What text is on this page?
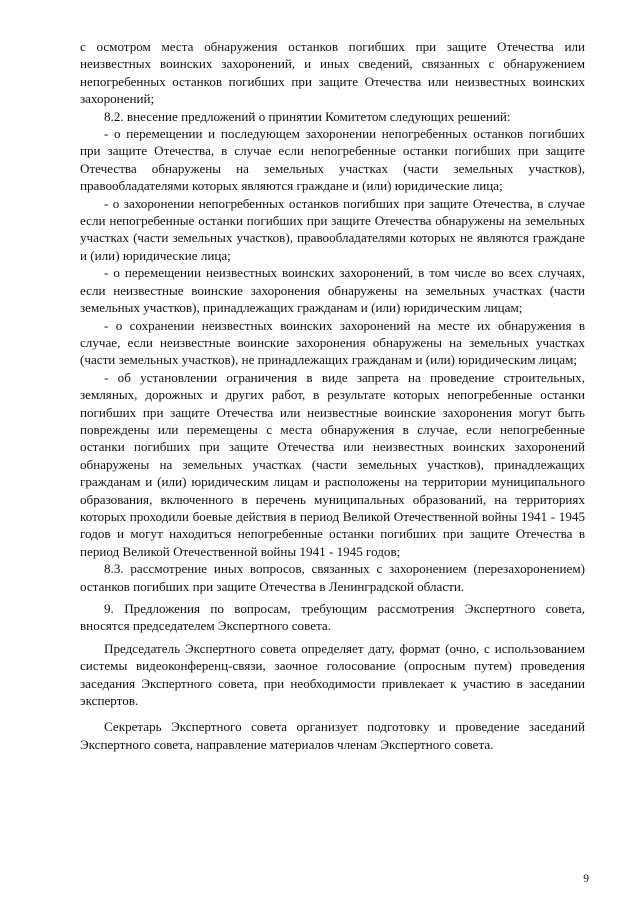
с осмотром места обнаружения останков погибших при защите Отечества или неизвестных воинских захоронений, и иных сведений, связанных с обнаружением непогребенных останков погибших при защите Отечества или неизвестных воинских захоронений;

8.2. внесение предложений о принятии Комитетом следующих решений:

- о перемещении и последующем захоронении непогребенных останков погибших при защите Отечества, в случае если непогребенные останки погибших при защите Отечества обнаружены на земельных участках (части земельных участков), правообладателями которых являются граждане и (или) юридические лица;

- о захоронении непогребенных останков погибших при защите Отечества, в случае если непогребенные останки погибших при защите Отечества обнаружены на земельных участках (части земельных участков), правообладателями которых не являются граждане и (или) юридические лица;

- о перемещении неизвестных воинских захоронений, в том числе во всех случаях, если неизвестные воинские захоронения обнаружены на земельных участках (части земельных участков), принадлежащих гражданам и (или) юридическим лицам;

- о сохранении неизвестных воинских захоронений на месте их обнаружения в случае, если неизвестные воинские захоронения обнаружены на земельных участках (части земельных участков), не принадлежащих гражданам и (или) юридическим лицам;

- об установлении ограничения в виде запрета на проведение строительных, земляных, дорожных и других работ, в результате которых непогребенные останки погибших при защите Отечества или неизвестные воинские захоронения могут быть повреждены или перемещены с места обнаружения в случае, если непогребенные останки погибших при защите Отечества или неизвестных воинских захоронений обнаружены на земельных участках (части земельных участков), принадлежащих гражданам и (или) юридическим лицам и расположены на территории муниципального образования, включенного в перечень муниципальных образований, на территориях которых проходили боевые действия в период Великой Отечественной войны 1941 - 1945 годов и могут находиться непогребенные останки погибших при защите Отечества в период Великой Отечественной войны 1941 - 1945 годов;

8.3. рассмотрение иных вопросов, связанных с захоронением (перезахоронением) останков погибших при защите Отечества в Ленинградской области.

9. Предложения по вопросам, требующим рассмотрения Экспертного совета, вносятся председателем Экспертного совета.

Председатель Экспертного совета определяет дату, формат (очно, с использованием системы видеоконференц-связи, заочное голосование (опросным путем) проведения заседания Экспертного совета, при необходимости привлекает к участию в заседании экспертов.

Секретарь Экспертного совета организует подготовку и проведение заседаний Экспертного совета, направление материалов членам Экспертного совета.

9
